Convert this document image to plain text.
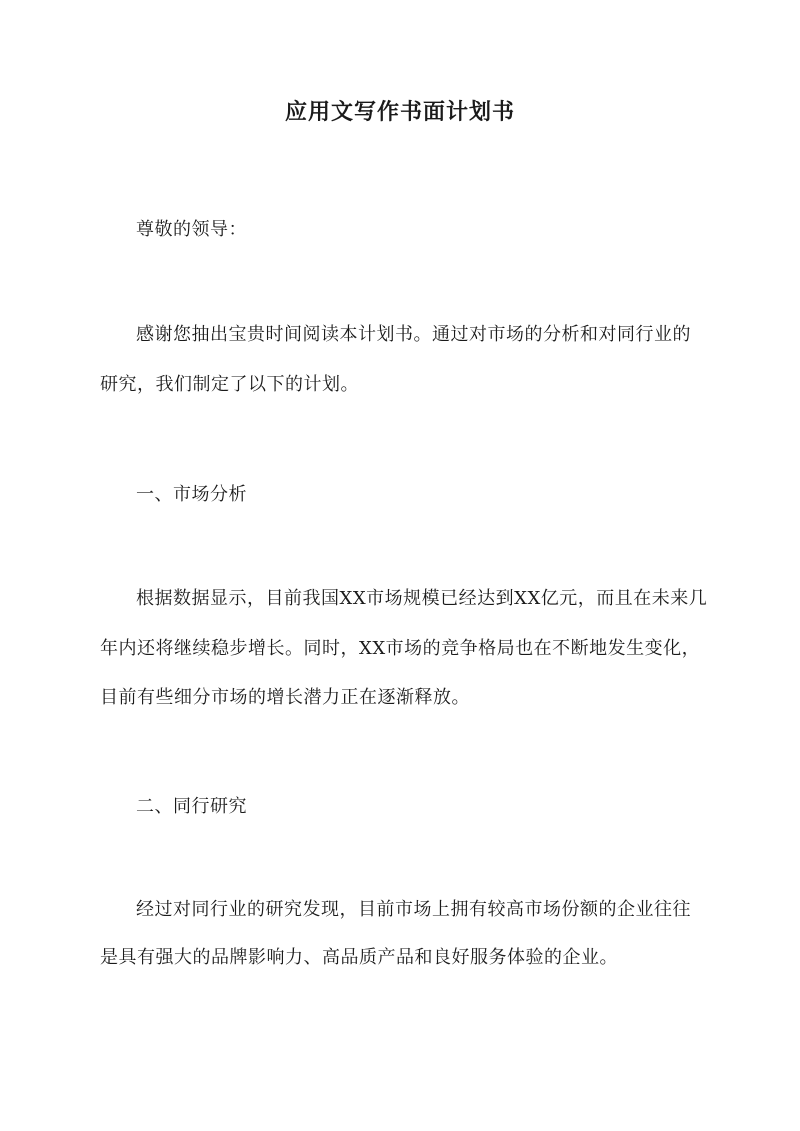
应用文写作书面计划书
尊敬的领导：
感谢您抽出宝贵时间阅读本计划书。通过对市场的分析和对同行业的
研究，我们制定了以下的计划。
一、市场分析
根据数据显示，目前我国XX市场规模已经达到XX亿元，而且在未来几
年内还将继续稳步增长。同时，XX市场的竞争格局也在不断地发生变化，
目前有些细分市场的增长潜力正在逐渐释放。
二、同行研究
经过对同行业的研究发现，目前市场上拥有较高市场份额的企业往往
是具有强大的品牌影响力、高品质产品和良好服务体验的企业。
